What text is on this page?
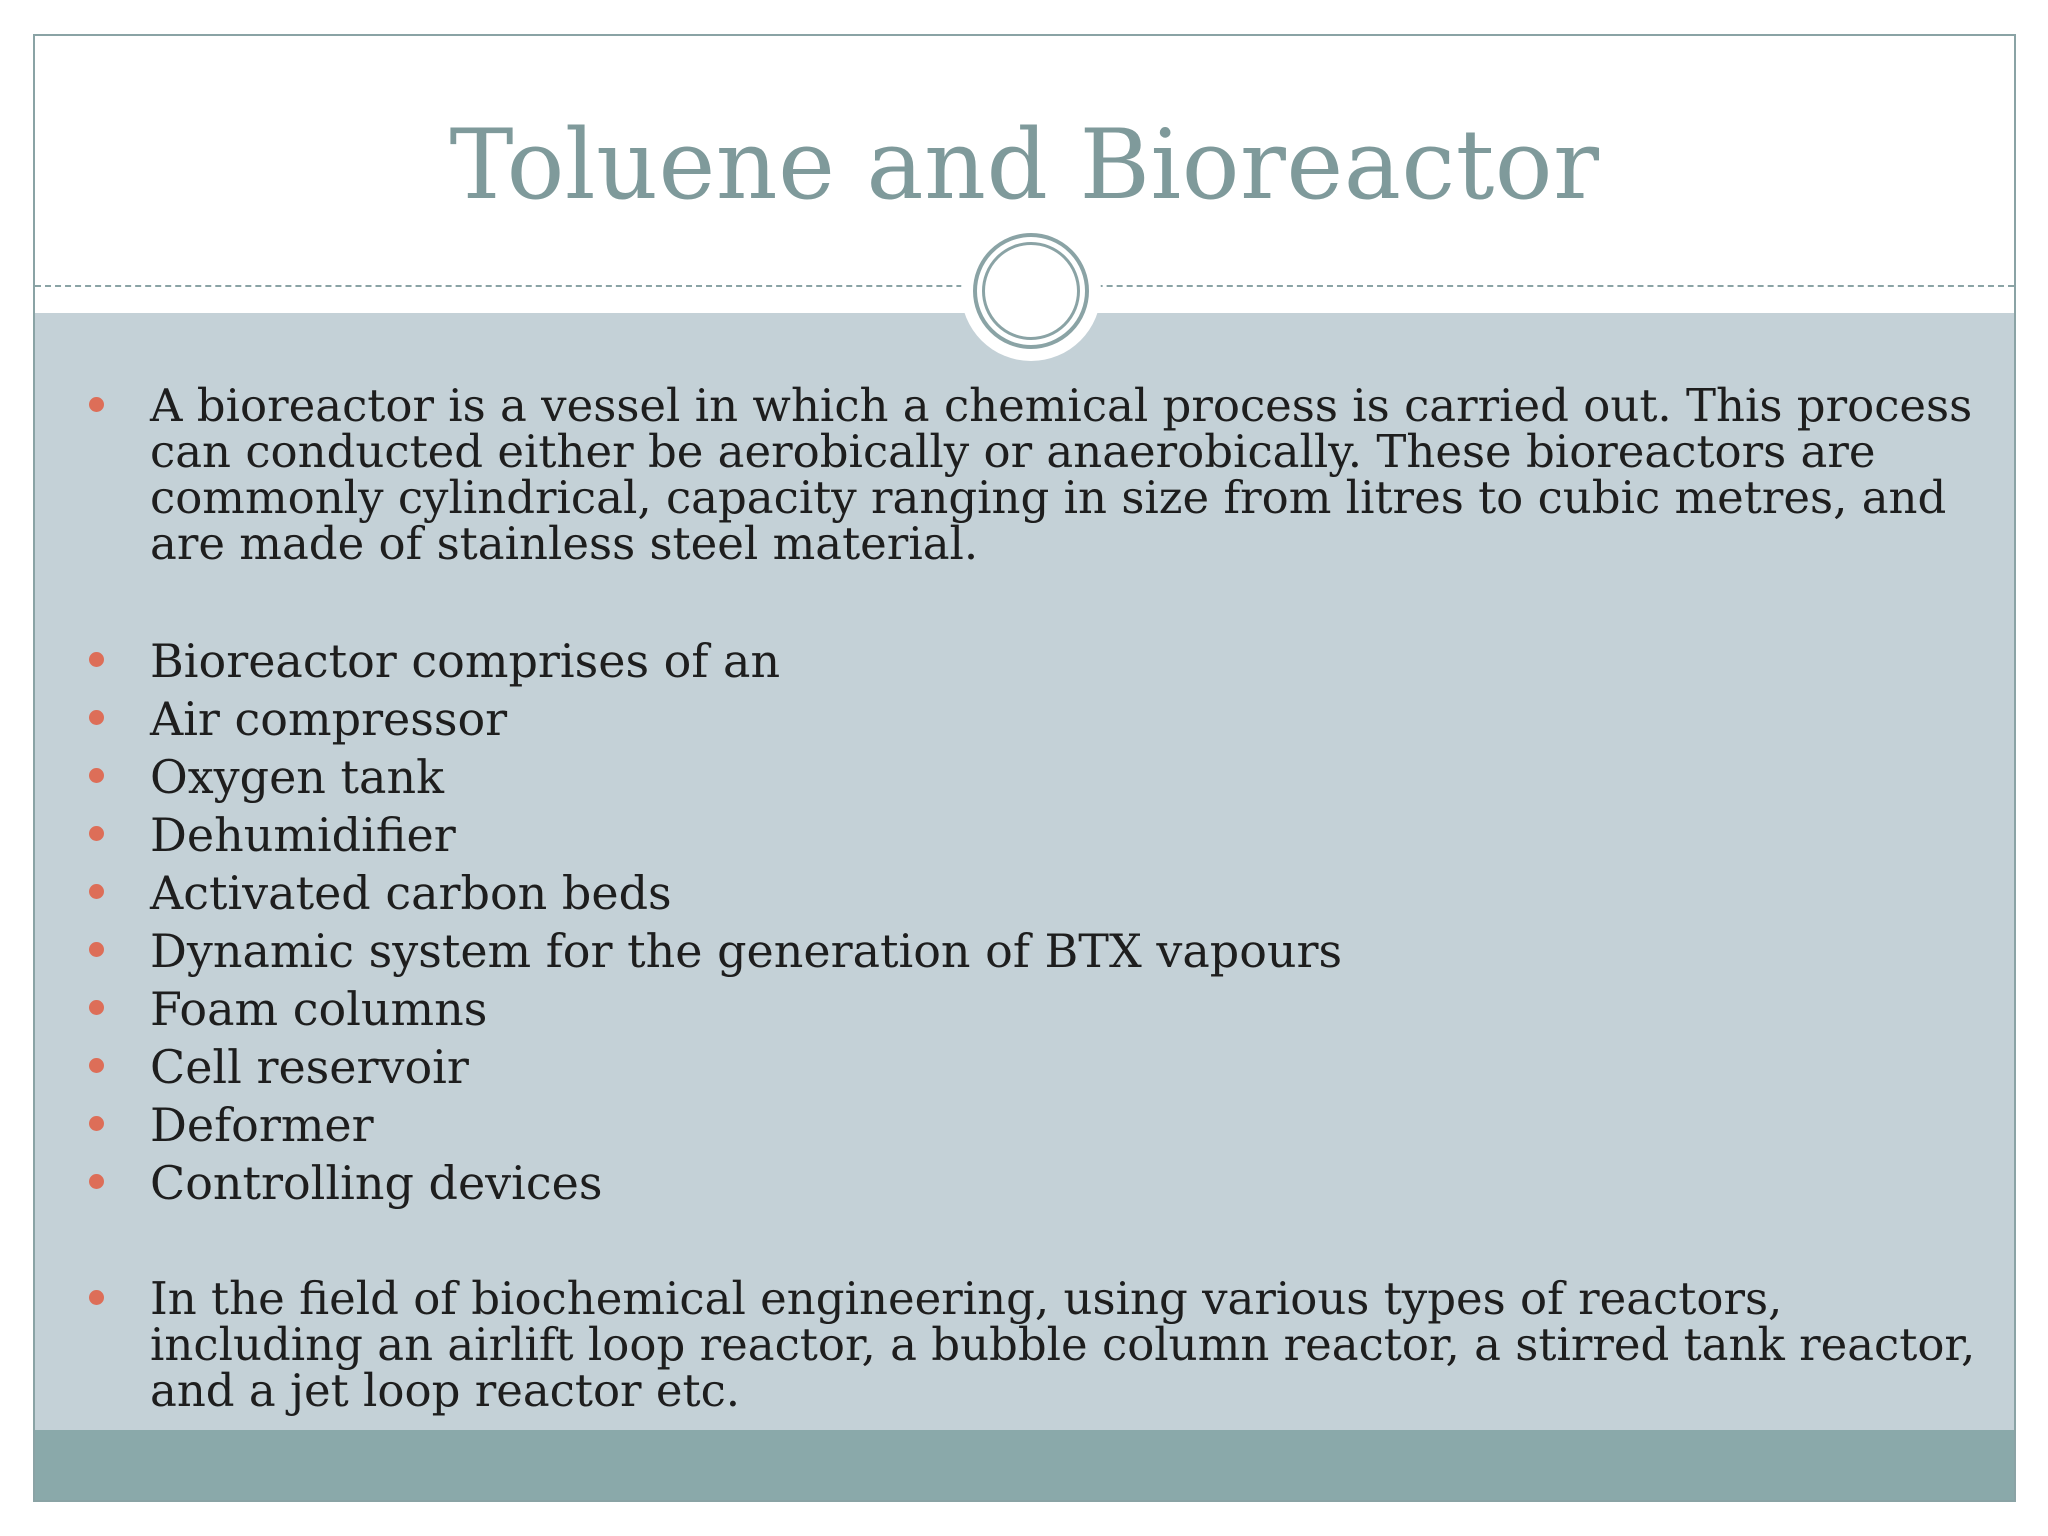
Toluene and Bioreactor
A bioreactor is a vessel in which a chemical process is carried out. This process can conducted either be aerobically or anaerobically. These bioreactors are commonly cylindrical, capacity ranging in size from litres to cubic metres, and are made of stainless steel material.
Bioreactor comprises of an
Air compressor
Oxygen tank
Dehumidifier
Activated carbon beds
Dynamic system for the generation of BTX vapours
Foam columns
Cell reservoir
Deformer
Controlling devices
In the field of biochemical engineering, using various types of reactors, including an airlift loop reactor, a bubble column reactor, a stirred tank reactor, and a jet loop reactor etc.
